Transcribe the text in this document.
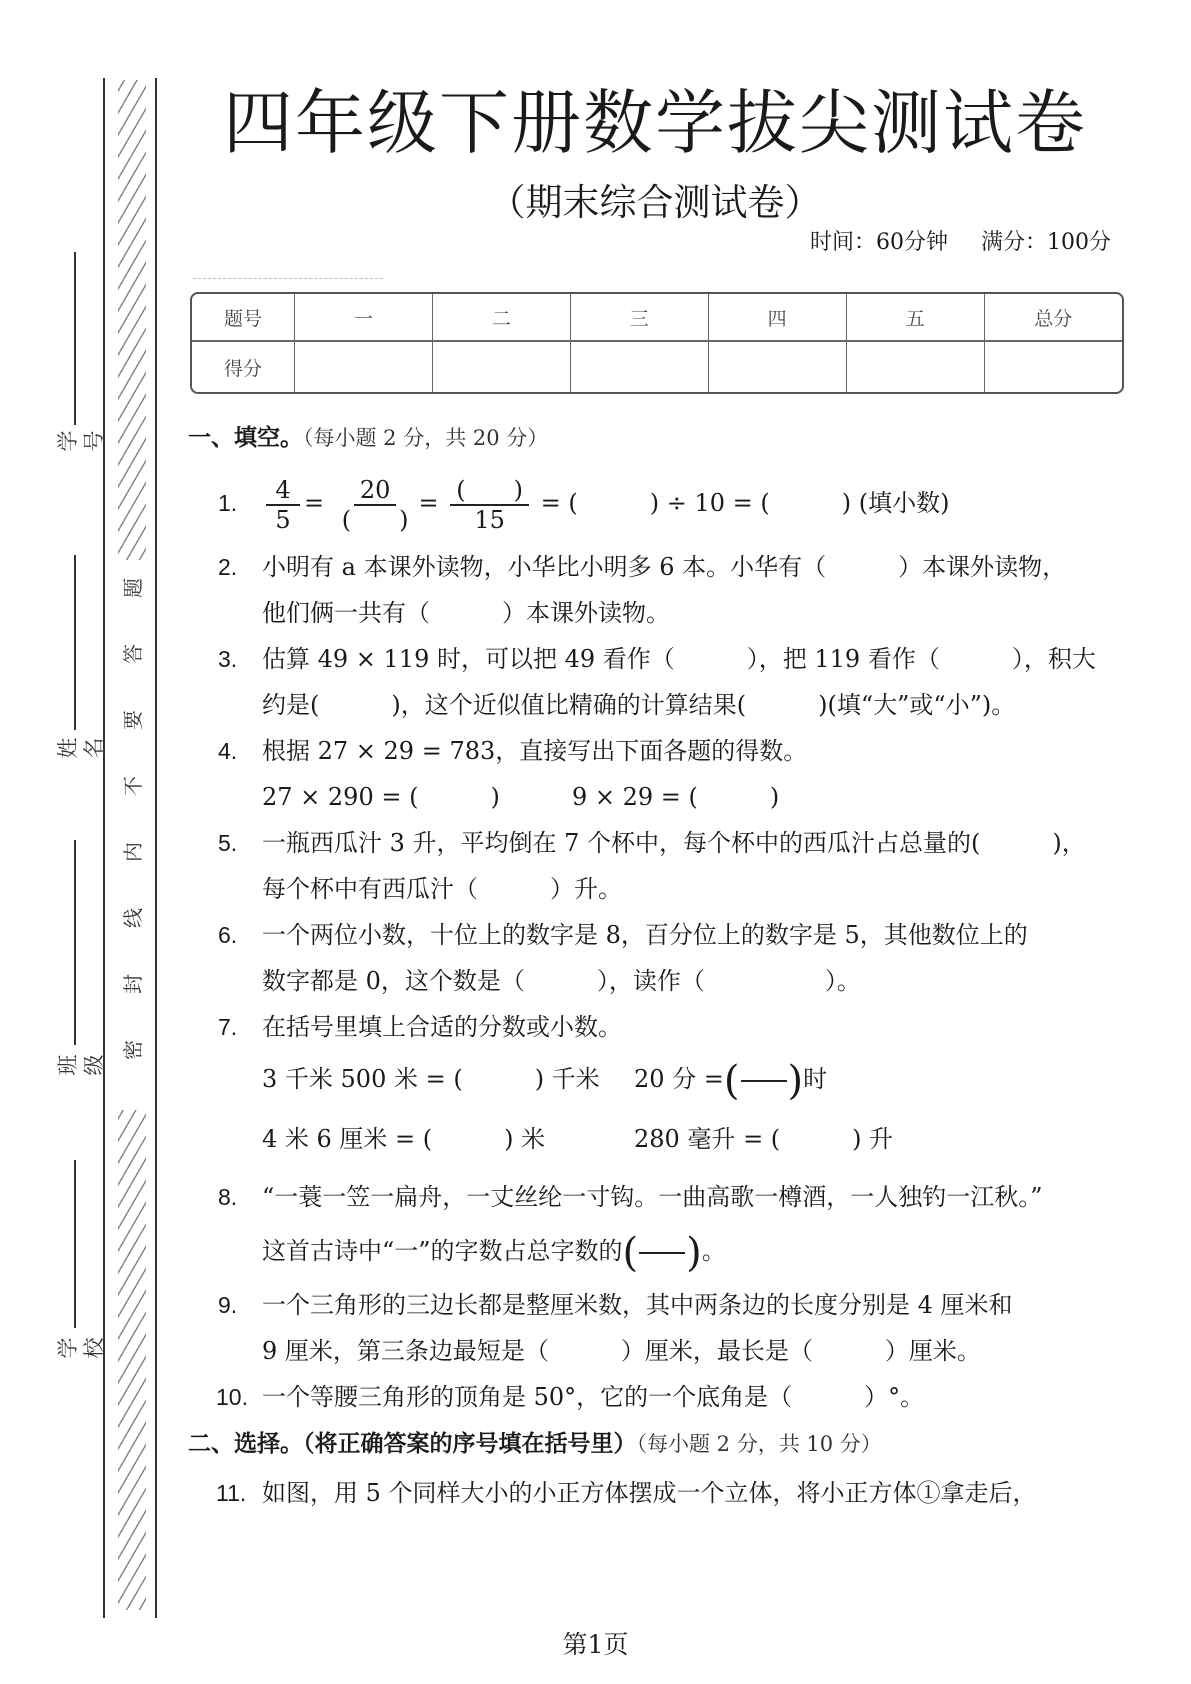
题
答
要
不
内
线
封
密
学号
姓名
班级
学校
四年级下册数学拔尖测试卷
（期末综合测试卷）
时间：60分钟 满分：100分
题号	一	二	三	四	五	总分
得分						
一、填空。（每小题 2 分，共 20 分）
1. $\frac{4}{5} = \frac{20}{( )} = \frac{( )}{15}$ = (　　　) ÷ 10 = (　　　) (填小数)
2. 小明有 a 本课外读物，小华比小明多 6 本。小华有（　　　）本课外读物，
他们俩一共有（　　　）本课外读物。
3. 估算 49 × 119 时，可以把 49 看作（　　　），把 119 看作（　　　），积大
约是(　　　)，这个近似值比精确的计算结果(　　　)(填“大”或“小”)。
4. 根据 27 × 29 = 783，直接写出下面各题的得数。
27 × 290 = (　　　)	9 × 29 = (　　　)
5. 一瓶西瓜汁 3 升，平均倒在 7 个杯中，每个杯中的西瓜汁占总量的(　　　)，
每个杯中有西瓜汁（　　　）升。
6. 一个两位小数，十位上的数字是 8，百分位上的数字是 5，其他数位上的
数字都是 0，这个数是（　　　），读作（　　　　　）。
7. 在括号里填上合适的分数或小数。
3 千米 500 米 = (　　　) 千米 20 分 =( )时
4 米 6 厘米 = (　　　) 米	280 毫升 = (　　　) 升
8. “一蓑一笠一扁舟，一丈丝纶一寸钩。一曲高歌一樽酒，一人独钓一江秋。”
这首古诗中“一”的字数占总字数的( )。
9. 一个三角形的三边长都是整厘米数，其中两条边的长度分别是 4 厘米和
9 厘米，第三条边最短是（　　　）厘米，最长是（　　　）厘米。
10. 一个等腰三角形的顶角是 50°，它的一个底角是（　　　）°。
二、选择。（将正确答案的序号填在括号里）（每小题 2 分，共 10 分）
11. 如图，用 5 个同样大小的小正方体摆成一个立体，将小正方体①拿走后，
第1页
